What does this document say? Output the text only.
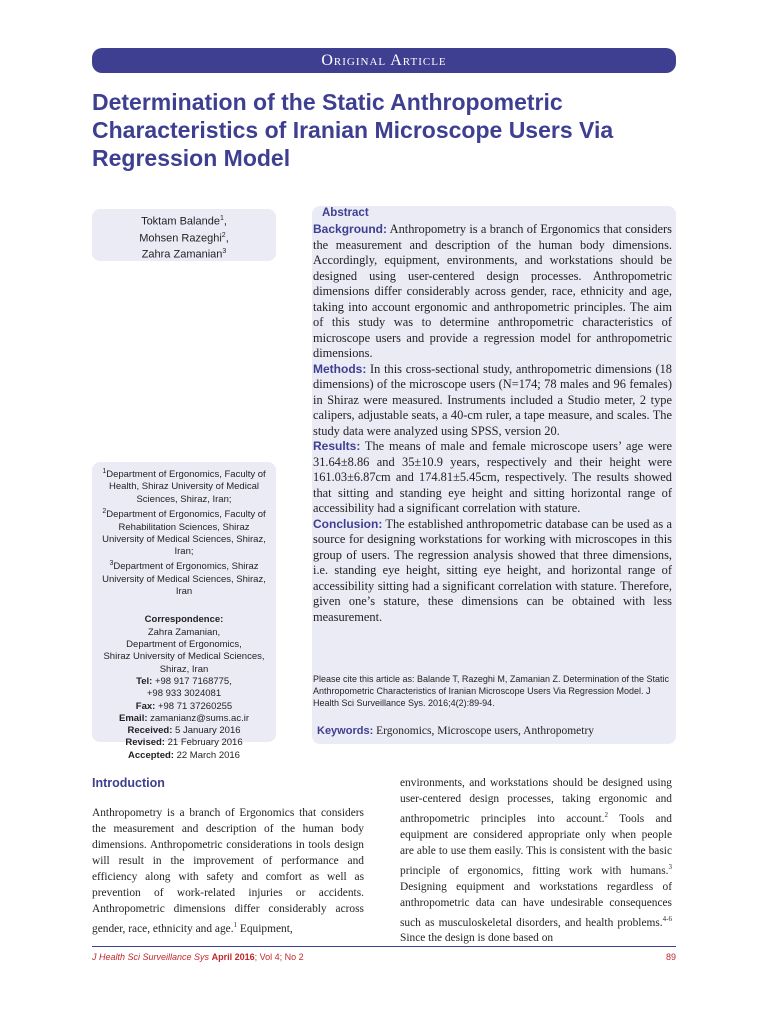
Original Article
Determination of the Static Anthropometric Characteristics of Iranian Microscope Users Via Regression Model
Toktam Balande$^1$,
Mohsen Razeghi$^2$,
Zahra Zamanian$^3$
$^1$Department of Ergonomics, Faculty of Health, Shiraz University of Medical Sciences, Shiraz, Iran;
$^2$Department of Ergonomics, Faculty of Rehabilitation Sciences, Shiraz University of Medical Sciences, Shiraz, Iran;
$^3$Department of Ergonomics, Shiraz University of Medical Sciences, Shiraz, Iran
Correspondence:
Zahra Zamanian,
Department of Ergonomics,
Shiraz University of Medical Sciences,
Shiraz, Iran
Tel: +98 917 7168775,
+98 933 3024081
Fax: +98 71 37260255
Email: zamanianz@sums.ac.ir
Received: 5 January 2016
Revised: 21 February 2016
Accepted: 22 March 2016
Abstract

Background: Anthropometry is a branch of Ergonomics that considers the measurement and description of the human body dimensions. Accordingly, equipment, environments, and workstations should be designed using user-centered design processes. Anthropometric dimensions differ considerably across gender, race, ethnicity and age, taking into account ergonomic and anthropometric principles. The aim of this study was to determine anthropometric characteristics of microscope users and provide a regression model for anthropometric dimensions.

Methods: In this cross-sectional study, anthropometric dimensions (18 dimensions) of the microscope users (N=174; 78 males and 96 females) in Shiraz were measured. Instruments included a Studio meter, 2 type calipers, adjustable seats, a 40-cm ruler, a tape measure, and scales. The study data were analyzed using SPSS, version 20.

Results: The means of male and female microscope users’ age were 31.64±8.86 and 35±10.9 years, respectively and their height were 161.03±6.87cm and 174.81±5.45cm, respectively. The results showed that sitting and standing eye height and sitting horizontal range of accessibility had a significant correlation with stature.

Conclusion: The established anthropometric database can be used as a source for designing workstations for working with microscopes in this group of users. The regression analysis showed that three dimensions, i.e. standing eye height, sitting eye height, and horizontal range of accessibility sitting had a significant correlation with stature. Therefore, given one’s stature, these dimensions can be obtained with less measurement.

Please cite this article as: Balande T, Razeghi M, Zamanian Z. Determination of the Static Anthropometric Characteristics of Iranian Microscope Users Via Regression Model. J Health Sci Surveillance Sys. 2016;4(2):89-94.

Keywords: Ergonomics, Microscope users, Anthropometry

Introduction

Anthropometry is a branch of Ergonomics that considers the measurement and description of the human body dimensions. Anthropometric considerations in tools design will result in the improvement of performance and efficiency along with safety and comfort as well as prevention of work-related injuries or accidents. Anthropometric dimensions differ considerably across gender, race, ethnicity and age.$^1$ Equipment,

environments, and workstations should be designed using user-centered design processes, taking ergonomic and anthropometric principles into account.$^2$ Tools and equipment are considered appropriate only when people are able to use them easily. This is consistent with the basic principle of ergonomics, fitting work with humans.$^3$ Designing equipment and workstations regardless of anthropometric data can have undesirable consequences such as musculoskeletal disorders, and health problems.$^{4-6}$ Since the design is done based on

J Health Sci Surveillance Sys April 2016; Vol 4; No 2	89
